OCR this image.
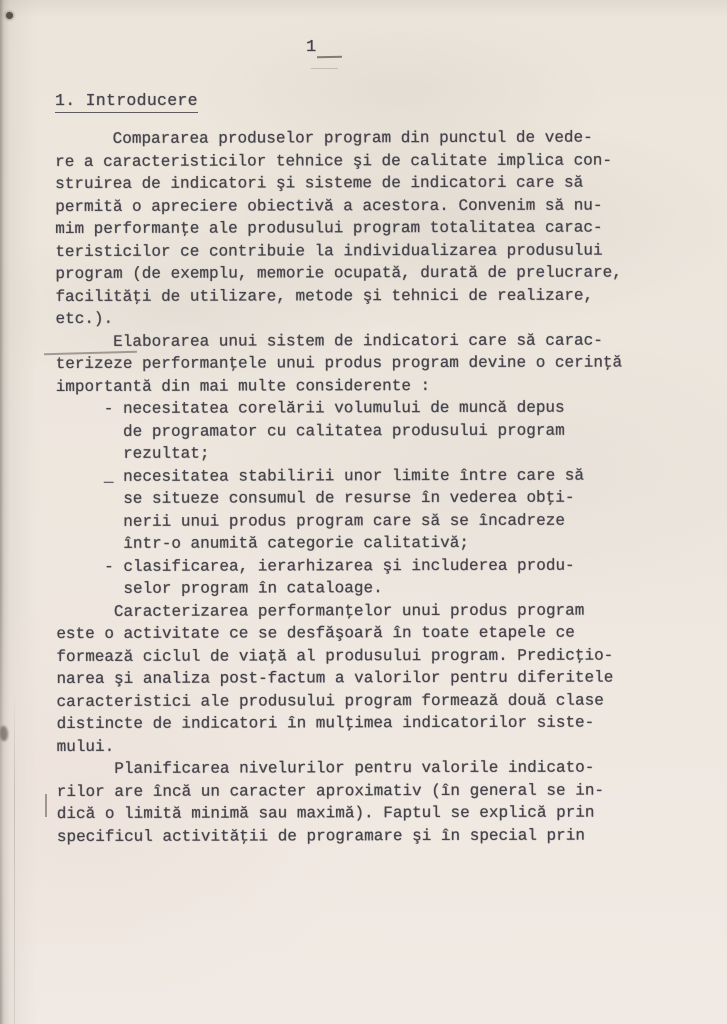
1
1. Introducere
Compararea produselor program din punctul de vede-
re a caracteristicilor tehnice şi de calitate implica con-
struirea de indicatori şi sisteme de indicatori care să
permită o apreciere obiectivă a acestora. Convenim să nu-
mim performanţe ale produsului program totalitatea carac-
teristicilor ce contribuie la individualizarea produsului
program (de exemplu, memorie ocupată, durată de prelucrare,
facilităţi de utilizare, metode şi tehnici de realizare,
etc.).
Elaborarea unui sistem de indicatori care să carac-
terizeze performanţele unui produs program devine o cerinţă
importantă din mai multe considerente :
- necesitatea corelării volumului de muncă depus
de programator cu calitatea produsului program
rezultat;
_ necesitatea stabilirii unor limite între care să
se situeze consumul de resurse în vederea obţi-
nerii unui produs program care să se încadreze
într-o anumită categorie calitativă;
- clasificarea, ierarhizarea şi includerea produ-
selor program în cataloage.
Caracterizarea performanţelor unui produs program
este o activitate ce se desfăşoară în toate etapele ce
formează ciclul de viaţă al produsului program. Predicţio-
narea şi analiza post-factum a valorilor pentru diferitele
caracteristici ale produsului program formează două clase
distincte de indicatori în mulţimea indicatorilor siste-
mului.
Planificarea nivelurilor pentru valorile indicato-
rilor are încă un caracter aproximativ (în general se in-
dică o limită minimă sau maximă). Faptul se explică prin
specificul activităţii de programare şi în special prin
